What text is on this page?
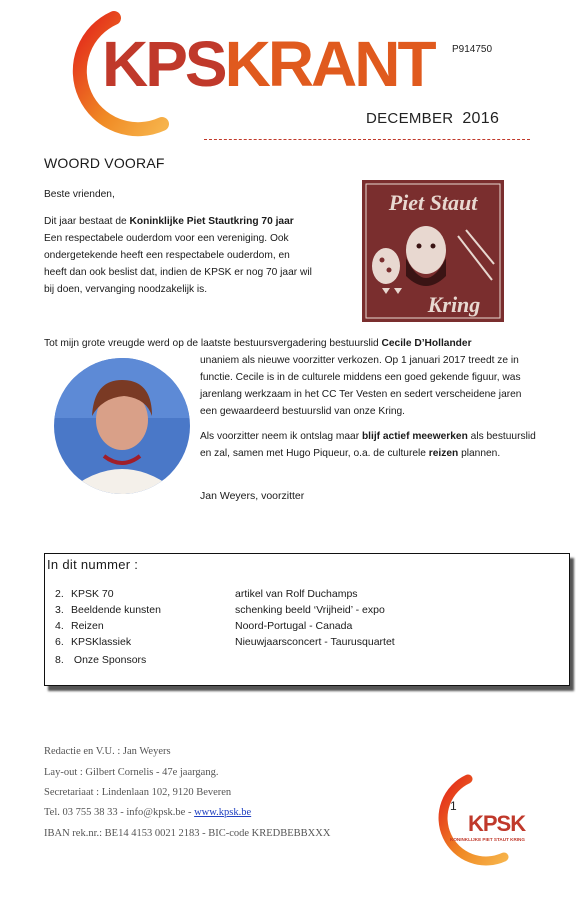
KPSKRANT P914750
DECEMBER 2016
WOORD VOORAF
Beste vrienden,
Dit jaar bestaat de Koninklijke Piet Stautkring 70 jaar Een respectabele ouderdom voor een vereniging. Ook ondergetekende heeft een respectabele ouderdom, en heeft dan ook beslist dat, indien de KPSK er nog 70 jaar wil bij doen, vervanging noodzakelijk is.
Piet Staut
Kring
Tot mijn grote vreugde werd op de laatste bestuursvergadering bestuurslid Cecile D’Hollander
unaniem als nieuwe voorzitter verkozen. Op 1 januari 2017 treedt ze in functie. Cecile is in de culturele middens een goed gekende figuur, was jarenlang werkzaam in het CC Ter Vesten en sedert verscheidene jaren een gewaardeerd bestuurslid van onze Kring.
Als voorzitter neem ik ontslag maar blijf actief meewerken als bestuurslid en zal, samen met Hugo Piqueur, o.a. de culturele reizen plannen.
Jan Weyers, voorzitter
In dit nummer :
2. KPSK 70	artikel van Rolf Duchamps
3. Beeldende kunsten	schenking beeld ‘Vrijheid’ - expo
4. Reizen	Noord-Portugal - Canada
6. KPSKlassiek	Nieuwjaarsconcert - Taurusquartet
8. Onze Sponsors
Redactie en V.U. : Jan Weyers
Lay-out : Gilbert Cornelis - 47e jaargang.
Secretariaat : Lindenlaan 102, 9120 Beveren
Tel. 03 755 38 33 - info@kpsk.be - www.kpsk.be
IBAN rek.nr.: BE14 4153 0021 2183 - BIC-code KREDBEBBXXX	KPSK
KONINKLIJKE PIET STAUT KRING
1
